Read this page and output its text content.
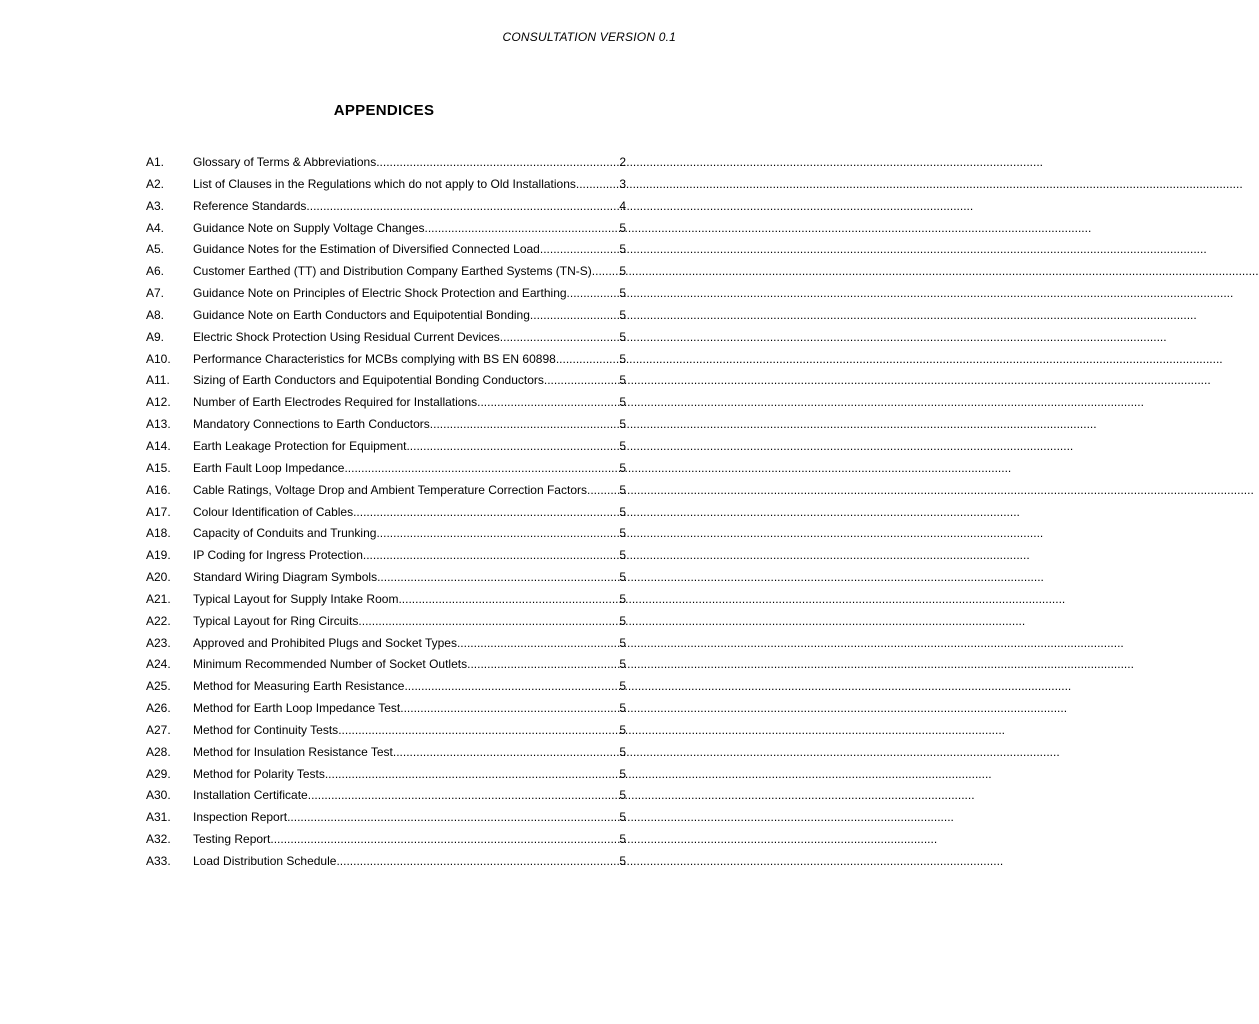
CONSULTATION VERSION 0.1
APPENDICES
A1.	Glossary of Terms & Abbreviations .....	2
A2.	List of Clauses in the Regulations which do not apply to Old Installations .....	3
A3.	Reference Standards .....	4
A4.	Guidance Note on Supply Voltage Changes .....	5
A5.	Guidance Notes for the Estimation of Diversified Connected Load .....	5
A6.	Customer Earthed (TT) and Distribution Company Earthed Systems (TN-S) ..... 5
A7.	Guidance Note on Principles of Electric Shock Protection and Earthing .....	5
A8.	Guidance Note on Earth Conductors and Equipotential Bonding .....	5
A9.	Electric Shock Protection Using Residual Current Devices .....	5
A10.	Performance Characteristics for MCBs complying with BS EN 60898 .....	5
A11.	Sizing of Earth Conductors and Equipotential Bonding Conductors .....	5
A12.	Number of Earth Electrodes Required for Installations .....	5
A13.	Mandatory Connections to Earth Conductors .....	5
A14.	Earth Leakage Protection for Equipment .....	5
A15.	Earth Fault Loop Impedance .....	5
A16.	Cable Ratings, Voltage Drop and Ambient Temperature Correction Factors .....	5
A17.	Colour Identification of Cables .....	5
A18.	Capacity of Conduits and Trunking .....	5
A19.	IP Coding for Ingress Protection .....	5
A20.	Standard Wiring Diagram Symbols .....	5
A21.	Typical Layout for Supply Intake Room .....	5
A22.	Typical Layout for Ring Circuits .....	5
A23.	Approved and Prohibited Plugs and Socket Types .....	5
A24.	Minimum Recommended Number of Socket Outlets .....	5
A25.	Method for Measuring Earth Resistance .....	5
A26.	Method for Earth Loop Impedance Test .....	5
A27.	Method for Continuity Tests .....	5
A28.	Method for Insulation Resistance Test .....	5
A29.	Method for Polarity Tests .....	5
A30.	Installation Certificate .....	5
A31.	Inspection Report .....	5
A32.	Testing Report .....	5
A33.	Load Distribution Schedule .....	5
